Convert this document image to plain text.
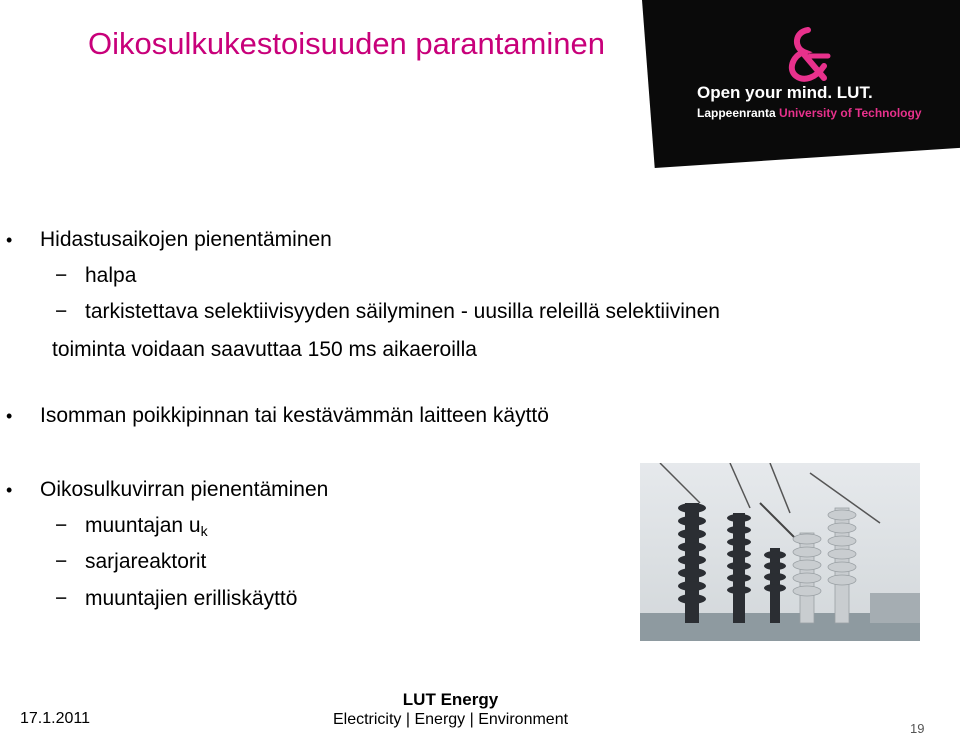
Oikosulkukestoisuuden parantaminen
Open your mind. LUT.
Lappeenranta University of Technology
• Hidastusaikojen pienentäminen
− halpa
− tarkistettava selektiivisyyden säilyminen - uusilla releillä selektiivinen
toiminta voidaan saavuttaa 150 ms aikaeroilla
• Isomman poikkipinnan tai kestävämmän laitteen käyttö
• Oikosulkuvirran pienentäminen
− muuntajan $u_k$
− sarjareaktorit
− muuntajien erilliskäyttö
17.1.2011
LUT Energy
Electricity | Energy | Environment
19
